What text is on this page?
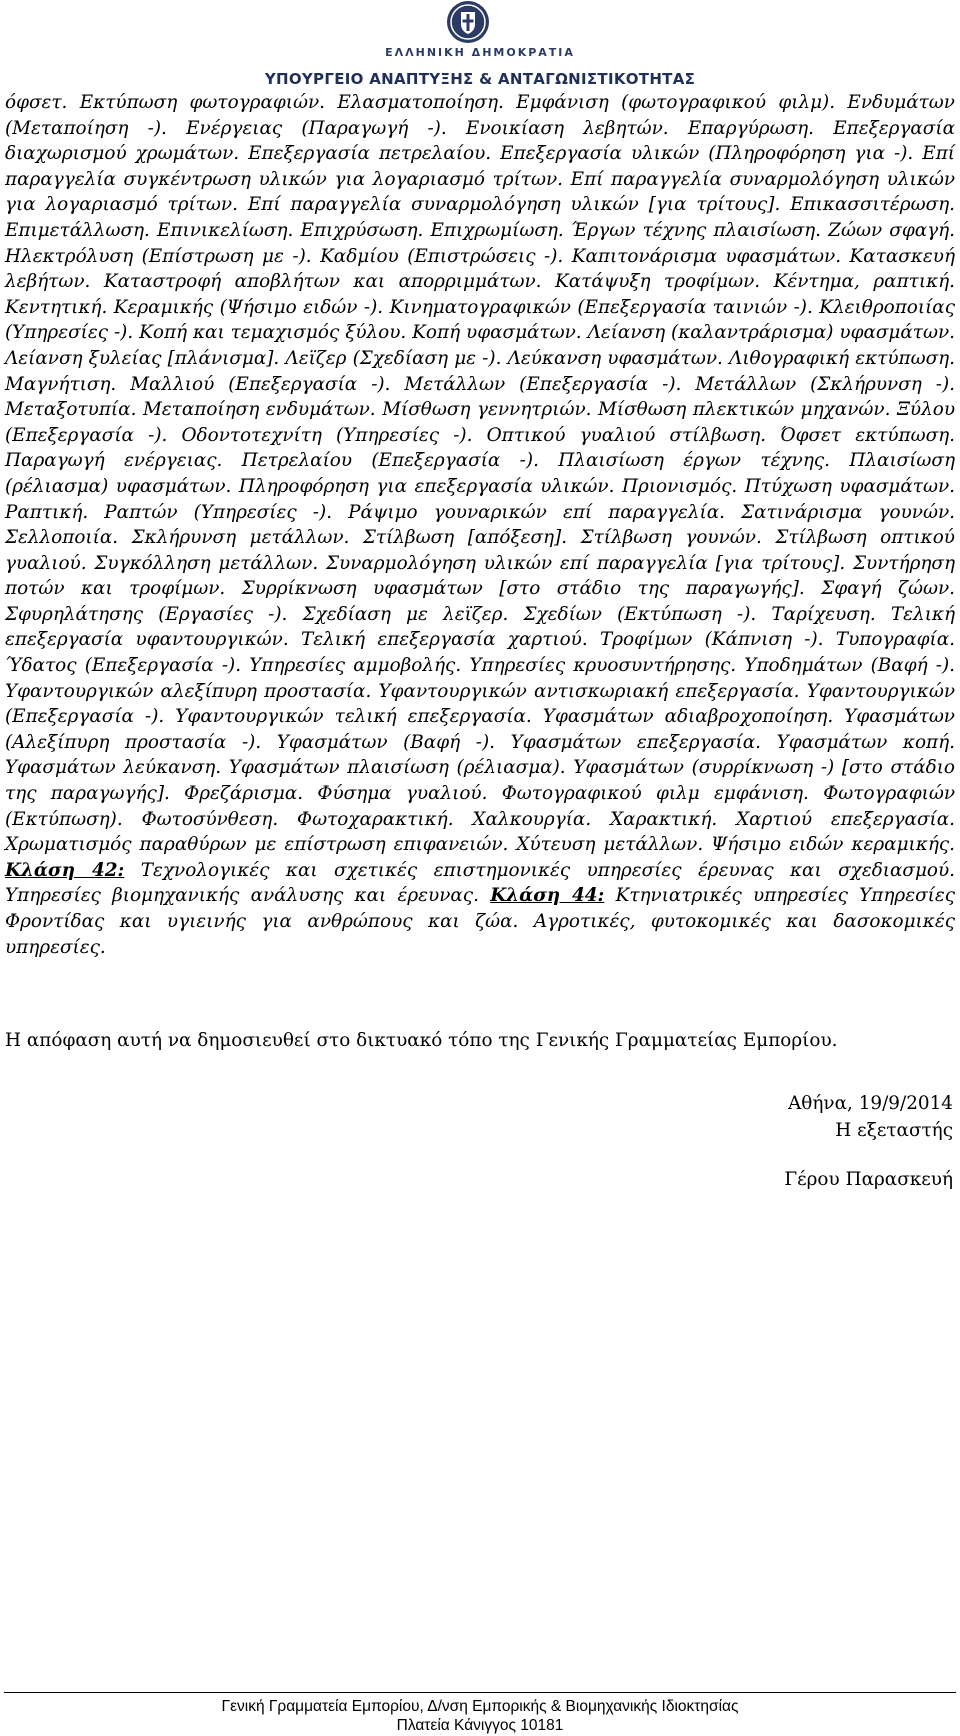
ΕΛΛΗΝΙΚΗ ΔΗΜΟΚΡΑΤΙΑ
ΥΠΟΥΡΓΕΙΟ ΑΝΑΠΤΥΞΗΣ & ΑΝΤΑΓΩΝΙΣΤΙΚΟΤΗΤΑΣ

όφσετ. Εκτύπωση φωτογραφιών. Ελασματοποίηση. Εμφάνιση (φωτογραφικού φιλμ). Ενδυμάτων (Μεταποίηση -). Ενέργειας (Παραγωγή -). Ενοικίαση λεβητών. Επαργύρωση. Επεξεργασία διαχωρισμού χρωμάτων. Επεξεργασία πετρελαίου. Επεξεργασία υλικών (Πληροφόρηση για -). Επί παραγγελία συγκέντρωση υλικών για λογαριασμό τρίτων. Επί παραγγελία συναρμολόγηση υλικών για λογαριασμό τρίτων. Επί παραγγελία συναρμολόγηση υλικών [για τρίτους]. Επικασσιτέρωση. Επιμετάλλωση. Επινικελίωση. Επιχρύσωση. Επιχρωμίωση. Έργων τέχνης πλαισίωση. Ζώων σφαγή. Ηλεκτρόλυση (Επίστρωση με -). Καδμίου (Επιστρώσεις -). Καπιτονάρισμα υφασμάτων. Κατασκευή λεβήτων. Καταστροφή αποβλήτων και απορριμμάτων. Κατάψυξη τροφίμων. Κέντημα, ραπτική. Κεντητική. Κεραμικής (Ψήσιμο ειδών -). Κινηματογραφικών (Επεξεργασία ταινιών -). Κλειθροποιίας (Υπηρεσίες -). Κοπή και τεμαχισμός ξύλου. Κοπή υφασμάτων. Λείανση (καλαντράρισμα) υφασμάτων. Λείανση ξυλείας [πλάνισμα]. Λεϊζερ (Σχεδίαση με -). Λεύκανση υφασμάτων. Λιθογραφική εκτύπωση. Μαγνήτιση. Μαλλιού (Επεξεργασία -). Μετάλλων (Επεξεργασία -). Μετάλλων (Σκλήρυνση -). Μεταξοτυπία. Μεταποίηση ενδυμάτων. Μίσθωση γεννητριών. Μίσθωση πλεκτικών μηχανών. Ξύλου (Επεξεργασία -). Οδοντοτεχνίτη (Υπηρεσίες -). Οπτικού γυαλιού στίλβωση. Όφσετ εκτύπωση. Παραγωγή ενέργειας. Πετρελαίου (Επεξεργασία -). Πλαισίωση έργων τέχνης. Πλαισίωση (ρέλιασμα) υφασμάτων. Πληροφόρηση για επεξεργασία υλικών. Πριονισμός. Πτύχωση υφασμάτων. Ραπτική. Ραπτών (Υπηρεσίες -). Ράψιμο γουναρικών επί παραγγελία. Σατινάρισμα γουνών. Σελλοποιία. Σκλήρυνση μετάλλων. Στίλβωση [απόξεση]. Στίλβωση γουνών. Στίλβωση οπτικού γυαλιού. Συγκόλληση μετάλλων. Συναρμολόγηση υλικών επί παραγγελία [για τρίτους]. Συντήρηση ποτών και τροφίμων. Συρρίκνωση υφασμάτων [στο στάδιο της παραγωγής]. Σφαγή ζώων. Σφυρηλάτησης (Εργασίες -). Σχεδίαση με λεϊζερ. Σχεδίων (Εκτύπωση -). Ταρίχευση. Τελική επεξεργασία υφαντουργικών. Τελική επεξεργασία χαρτιού. Τροφίμων (Κάπνιση -). Τυπογραφία. Ύδατος (Επεξεργασία -). Υπηρεσίες αμμοβολής. Υπηρεσίες κρυοσυντήρησης. Υποδημάτων (Βαφή -). Υφαντουργικών αλεξίπυρη προστασία. Υφαντουργικών αντισκωριακή επεξεργασία. Υφαντουργικών (Επεξεργασία -). Υφαντουργικών τελική επεξεργασία. Υφασμάτων αδιαβροχοποίηση. Υφασμάτων (Αλεξίπυρη προστασία -). Υφασμάτων (Βαφή -). Υφασμάτων επεξεργασία. Υφασμάτων κοπή. Υφασμάτων λεύκανση. Υφασμάτων πλαισίωση (ρέλιασμα). Υφασμάτων (συρρίκνωση -) [στο στάδιο της παραγωγής]. Φρεζάρισμα. Φύσημα γυαλιού. Φωτογραφικού φιλμ εμφάνιση. Φωτογραφιών (Εκτύπωση). Φωτοσύνθεση. Φωτοχαρακτική. Χαλκουργία. Χαρακτική. Χαρτιού επεξεργασία. Χρωματισμός παραθύρων με επίστρωση επιφανειών. Χύτευση μετάλλων. Ψήσιμο ειδών κεραμικής. Κλάση 42: Τεχνολογικές και σχετικές επιστημονικές υπηρεσίες έρευνας και σχεδιασμού. Υπηρεσίες βιομηχανικής ανάλυσης και έρευνας. Κλάση 44: Κτηνιατρικές υπηρεσίες Υπηρεσίες Φροντίδας και υγιεινής για ανθρώπους και ζώα. Αγροτικές, φυτοκομικές και δασοκομικές υπηρεσίες.

Η απόφαση αυτή να δημοσιευθεί στο δικτυακό τόπο της Γενικής Γραμματείας Εμπορίου.

Αθήνα, 19/9/2014
Η εξεταστής
Γέρου Παρασκευή
Γενική Γραμματεία Εμπορίου, Δ/νση Εμπορικής & Βιομηχανικής Ιδιοκτησίας
Πλατεία Κάνιγγος 10181
